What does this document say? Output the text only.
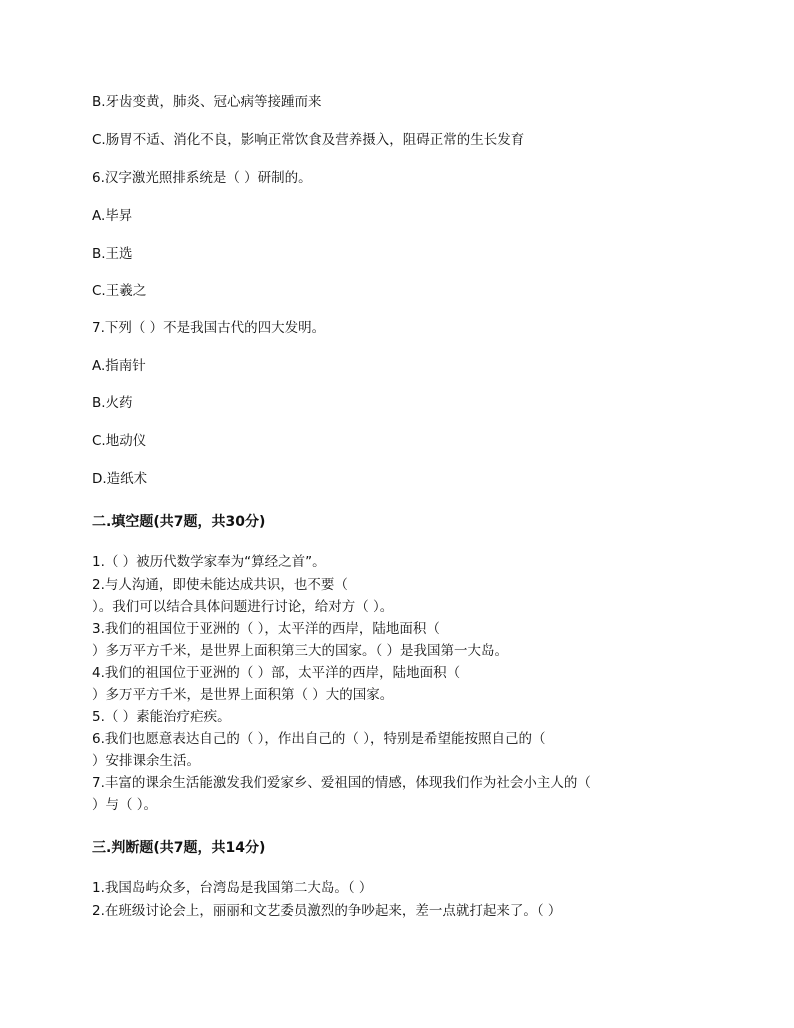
B.牙齿变黄，肺炎、冠心病等接踵而来
C.肠胃不适、消化不良，影响正常饮食及营养摄入，阻碍正常的生长发育
6.汉字激光照排系统是（ ）研制的。
A.毕昇
B.王选
C.王羲之
7.下列（ ）不是我国古代的四大发明。
A.指南针
B.火药
C.地动仪
D.造纸术
二.填空题(共7题，共30分)
1.（ ）被历代数学家奉为“算经之首”。
2.与人沟通，即使未能达成共识，也不要（
）。我们可以结合具体问题进行讨论，给对方（ ）。
3.我们的祖国位于亚洲的（ ），太平洋的西岸，陆地面积（
）多万平方千米，是世界上面积第三大的国家。（ ）是我国第一大岛。
4.我们的祖国位于亚洲的（ ）部，太平洋的西岸，陆地面积（
）多万平方千米，是世界上面积第（ ）大的国家。
5.（ ）素能治疗疟疾。
6.我们也愿意表达自己的（ ），作出自己的（ ），特别是希望能按照自己的（
）安排课余生活。
7.丰富的课余生活能激发我们爱家乡、爱祖国的情感，体现我们作为社会小主人的（
）与（ ）。
三.判断题(共7题，共14分)
1.我国岛屿众多，台湾岛是我国第二大岛。（ ）
2.在班级讨论会上，丽丽和文艺委员激烈的争吵起来，差一点就打起来了。（ ）
